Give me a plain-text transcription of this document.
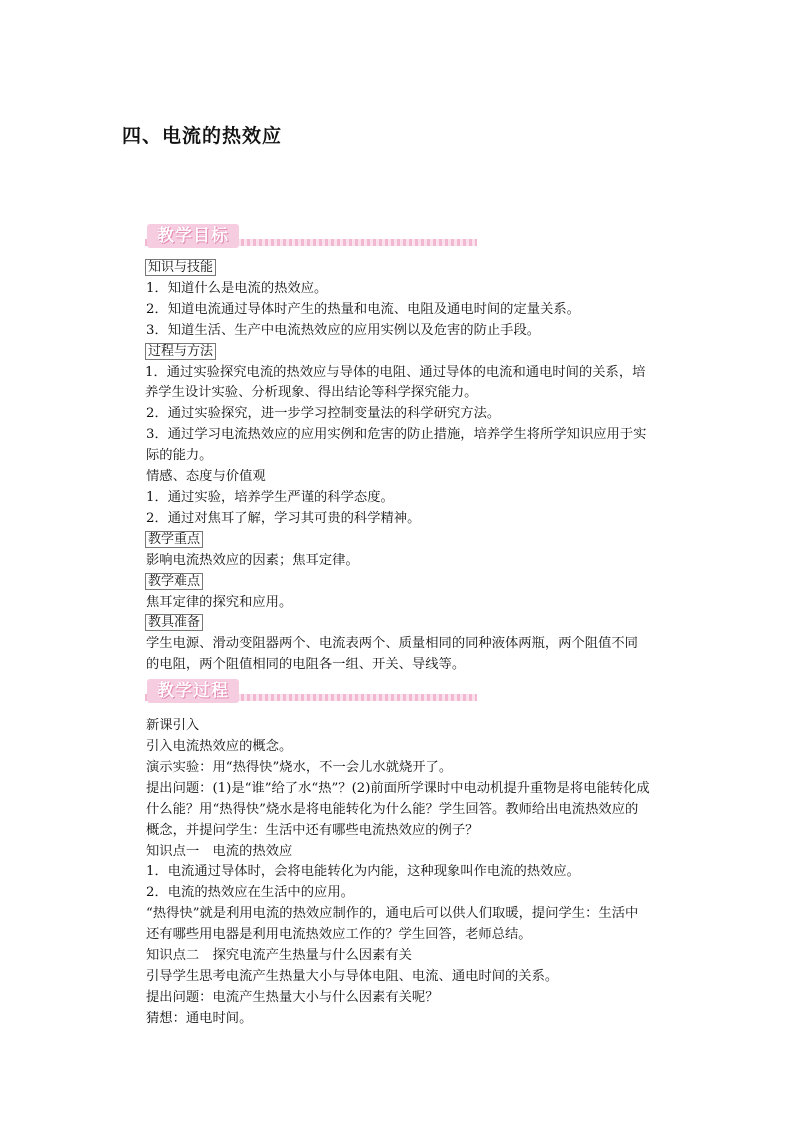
四、电流的热效应
教学目标

知识与技能

1．知道什么是电流的热效应。

2．知道电流通过导体时产生的热量和电流、电阻及通电时间的定量关系。

3．知道生活、生产中电流热效应的应用实例以及危害的防止手段。

过程与方法

1．通过实验探究电流的热效应与导体的电阻、通过导体的电流和通电时间的关系，培养学生设计实验、分析现象、得出结论等科学探究能力。

2．通过实验探究，进一步学习控制变量法的科学研究方法。

3．通过学习电流热效应的应用实例和危害的防止措施，培养学生将所学知识应用于实际的能力。

情感、态度与价值观

1．通过实验，培养学生严谨的科学态度。

2．通过对焦耳了解，学习其可贵的科学精神。

教学重点

影响电流热效应的因素；焦耳定律。

教学难点

焦耳定律的探究和应用。

教具准备

学生电源、滑动变阻器两个、电流表两个、质量相同的同种液体两瓶，两个阻值不同的电阻，两个阻值相同的电阻各一组、开关、导线等。

新课引入

引入电流热效应的概念。

演示实验：用“热得快”烧水，不一会儿水就烧开了。

提出问题：(1)是“谁”给了水“热”？(2)前面所学课时中电动机提升重物是将电能转化成什么能？用“热得快”烧水是将电能转化为什么能？学生回答。教师给出电流热效应的概念，并提问学生：生活中还有哪些电流热效应的例子？

知识点一　电流的热效应

1．电流通过导体时，会将电能转化为内能，这种现象叫作电流的热效应。

2．电流的热效应在生活中的应用。

“热得快”就是利用电流的热效应制作的，通电后可以供人们取暖，提问学生：生活中还有哪些用电器是利用电流热效应工作的？学生回答，老师总结。

知识点二　探究电流产生热量与什么因素有关

引导学生思考电流产生热量大小与导体电阻、电流、通电时间的关系。

提出问题：电流产生热量大小与什么因素有关呢？

猜想：通电时间。

教学过程
